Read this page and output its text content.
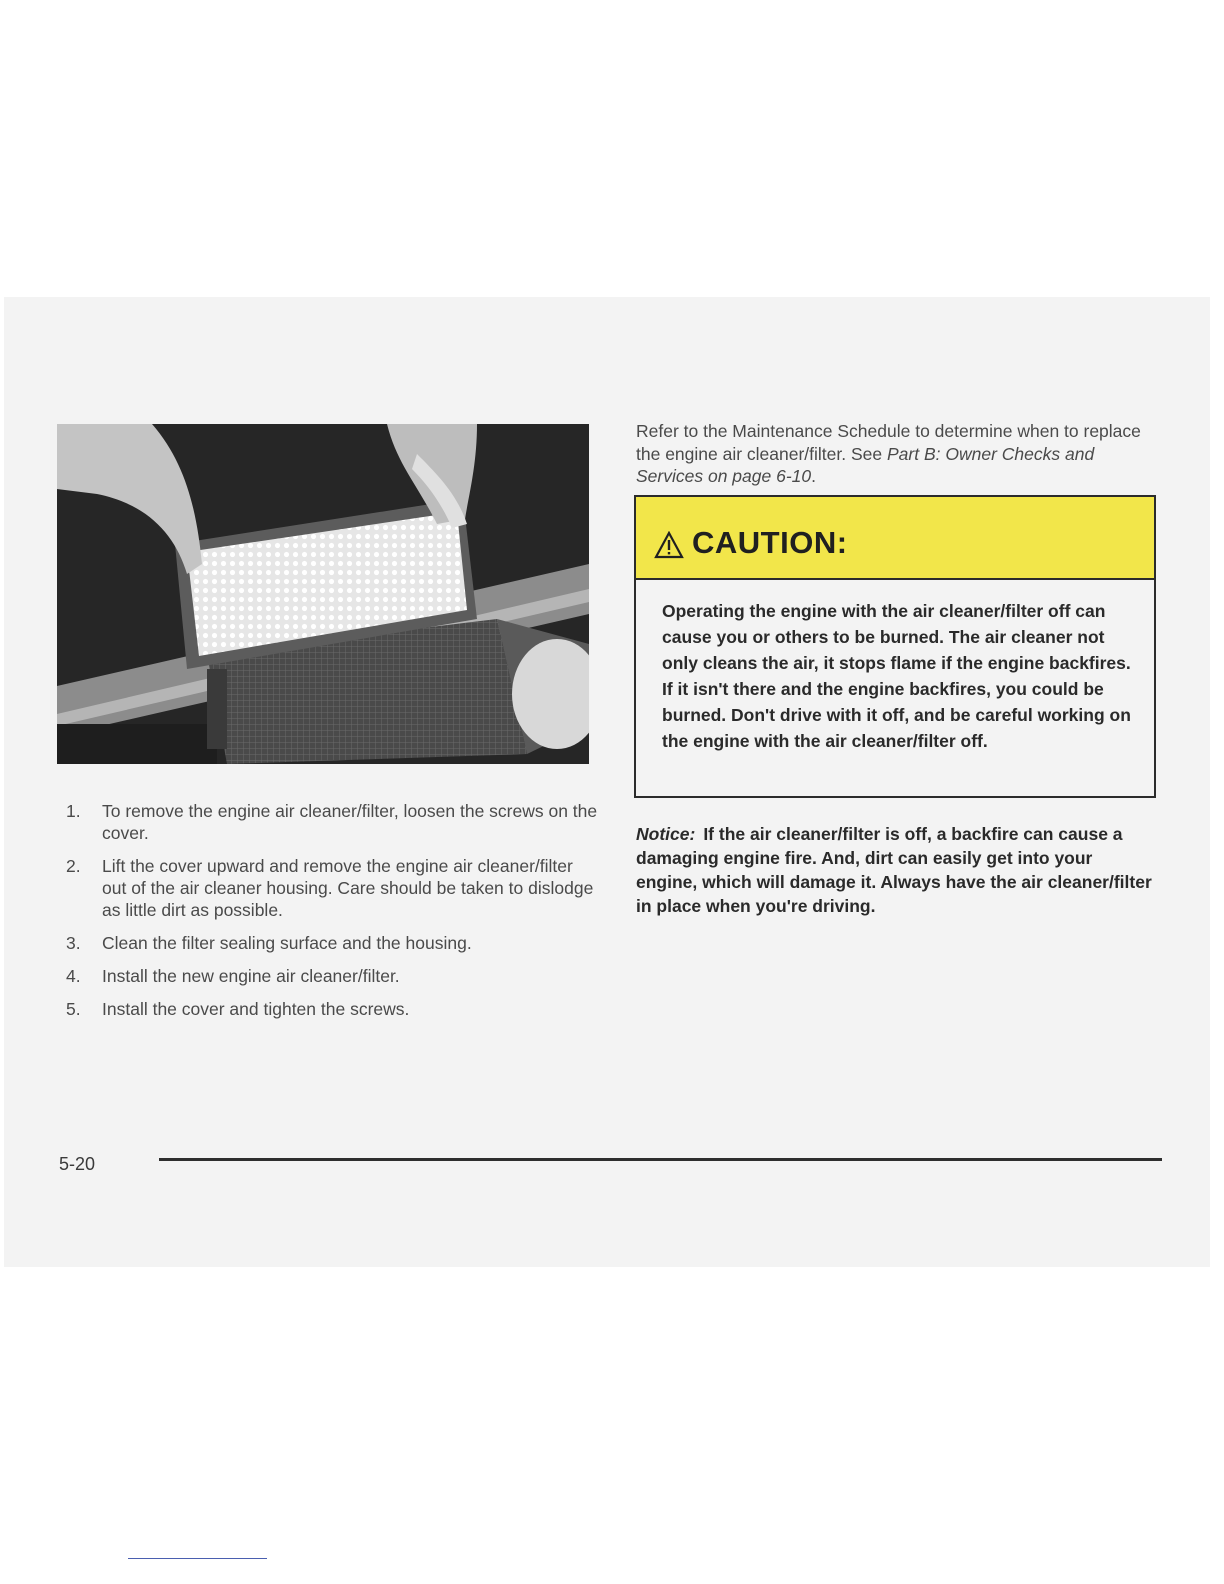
Refer to the Maintenance Schedule to determine when to replace the engine air cleaner/filter. See Part B: Owner Checks and Services on page 6-10.

CAUTION:

Operating the engine with the air cleaner/filter off can cause you or others to be burned. The air cleaner not only cleans the air, it stops flame if the engine backfires. If it isn't there and the engine backfires, you could be burned. Don't drive with it off, and be careful working on the engine with the air cleaner/filter off.

1. To remove the engine air cleaner/filter, loosen the screws on the cover.
2. Lift the cover upward and remove the engine air cleaner/filter out of the air cleaner housing. Care should be taken to dislodge as little dirt as possible.
3. Clean the filter sealing surface and the housing.
4. Install the new engine air cleaner/filter.
5. Install the cover and tighten the screws.

Notice: If the air cleaner/filter is off, a backfire can cause a damaging engine fire. And, dirt can easily get into your engine, which will damage it. Always have the air cleaner/filter in place when you're driving.

5-20
